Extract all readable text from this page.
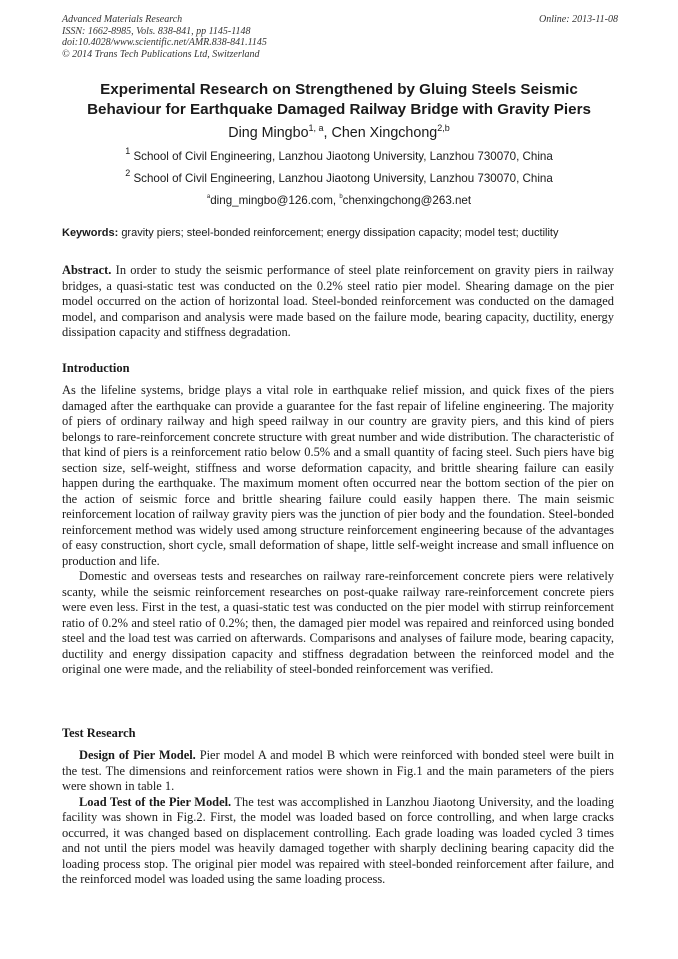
Advanced Materials Research
ISSN: 1662-8985, Vols. 838-841, pp 1145-1148
doi:10.4028/www.scientific.net/AMR.838-841.1145
© 2014 Trans Tech Publications Ltd, Switzerland
Online: 2013-11-08
Experimental Research on Strengthened by Gluing Steels Seismic
Behaviour for Earthquake Damaged Railway Bridge with Gravity Piers
Ding Mingbo$^{1, a}$, Chen Xingchong$^{2,b}$
$^1$ School of Civil Engineering, Lanzhou Jiaotong University, Lanzhou 730070, China
$^2$ School of Civil Engineering, Lanzhou Jiaotong University, Lanzhou 730070, China
$^a$ding_mingbo@126.com, $^b$chenxingchong@263.net
Keywords: gravity piers; steel-bonded reinforcement; energy dissipation capacity; model test; ductility

Abstract. In order to study the seismic performance of steel plate reinforcement on gravity piers in railway bridges, a quasi-static test was conducted on the 0.2% steel ratio pier model. Shearing damage on the pier model occurred on the action of horizontal load. Steel-bonded reinforcement was conducted on the damaged model, and comparison and analysis were made based on the failure mode, bearing capacity, ductility, energy dissipation capacity and stiffness degradation.

Introduction

As the lifeline systems, bridge plays a vital role in earthquake relief mission, and quick fixes of the piers damaged after the earthquake can provide a guarantee for the fast repair of lifeline engineering. The majority of piers of ordinary railway and high speed railway in our country are gravity piers, and this kind of piers belongs to rare-reinforcement concrete structure with great number and wide distribution. The characteristic of that kind of piers is a reinforcement ratio below 0.5% and a small quantity of facing steel. Such piers have big section size, self-weight, stiffness and worse deformation capacity, and brittle shearing failure can easily happen during the earthquake. The maximum moment often occurred near the bottom section of the pier on the action of seismic force and brittle shearing failure could easily happen there. The main seismic reinforcement location of railway gravity piers was the junction of pier body and the foundation. Steel-bonded reinforcement method was widely used among structure reinforcement engineering because of the advantages of easy construction, short cycle, small deformation of shape, little self-weight increase and small influence on production and life.

Domestic and overseas tests and researches on railway rare-reinforcement concrete piers were relatively scanty, while the seismic reinforcement researches on post-quake railway rare-reinforcement concrete piers were even less. First in the test, a quasi-static test was conducted on the pier model with stirrup reinforcement ratio of 0.2% and steel ratio of 0.2%; then, the damaged pier model was repaired and reinforced using bonded steel and the load test was carried on afterwards. Comparisons and analyses of failure mode, bearing capacity, ductility and energy dissipation capacity and stiffness degradation between the reinforced model and the original one were made, and the reliability of steel-bonded reinforcement was verified.

Test Research

Design of Pier Model. Pier model A and model B which were reinforced with bonded steel were built in the test. The dimensions and reinforcement ratios were shown in Fig.1 and the main parameters of the piers were shown in table 1.

Load Test of the Pier Model. The test was accomplished in Lanzhou Jiaotong University, and the loading facility was shown in Fig.2. First, the model was loaded based on force controlling, and when large cracks occurred, it was changed based on displacement controlling. Each grade loading was loaded cycled 3 times and not until the piers model was heavily damaged together with sharply declining bearing capacity did the loading process stop. The original pier model was repaired with steel-bonded reinforcement after failure, and the reinforced model was loaded using the same loading process.
